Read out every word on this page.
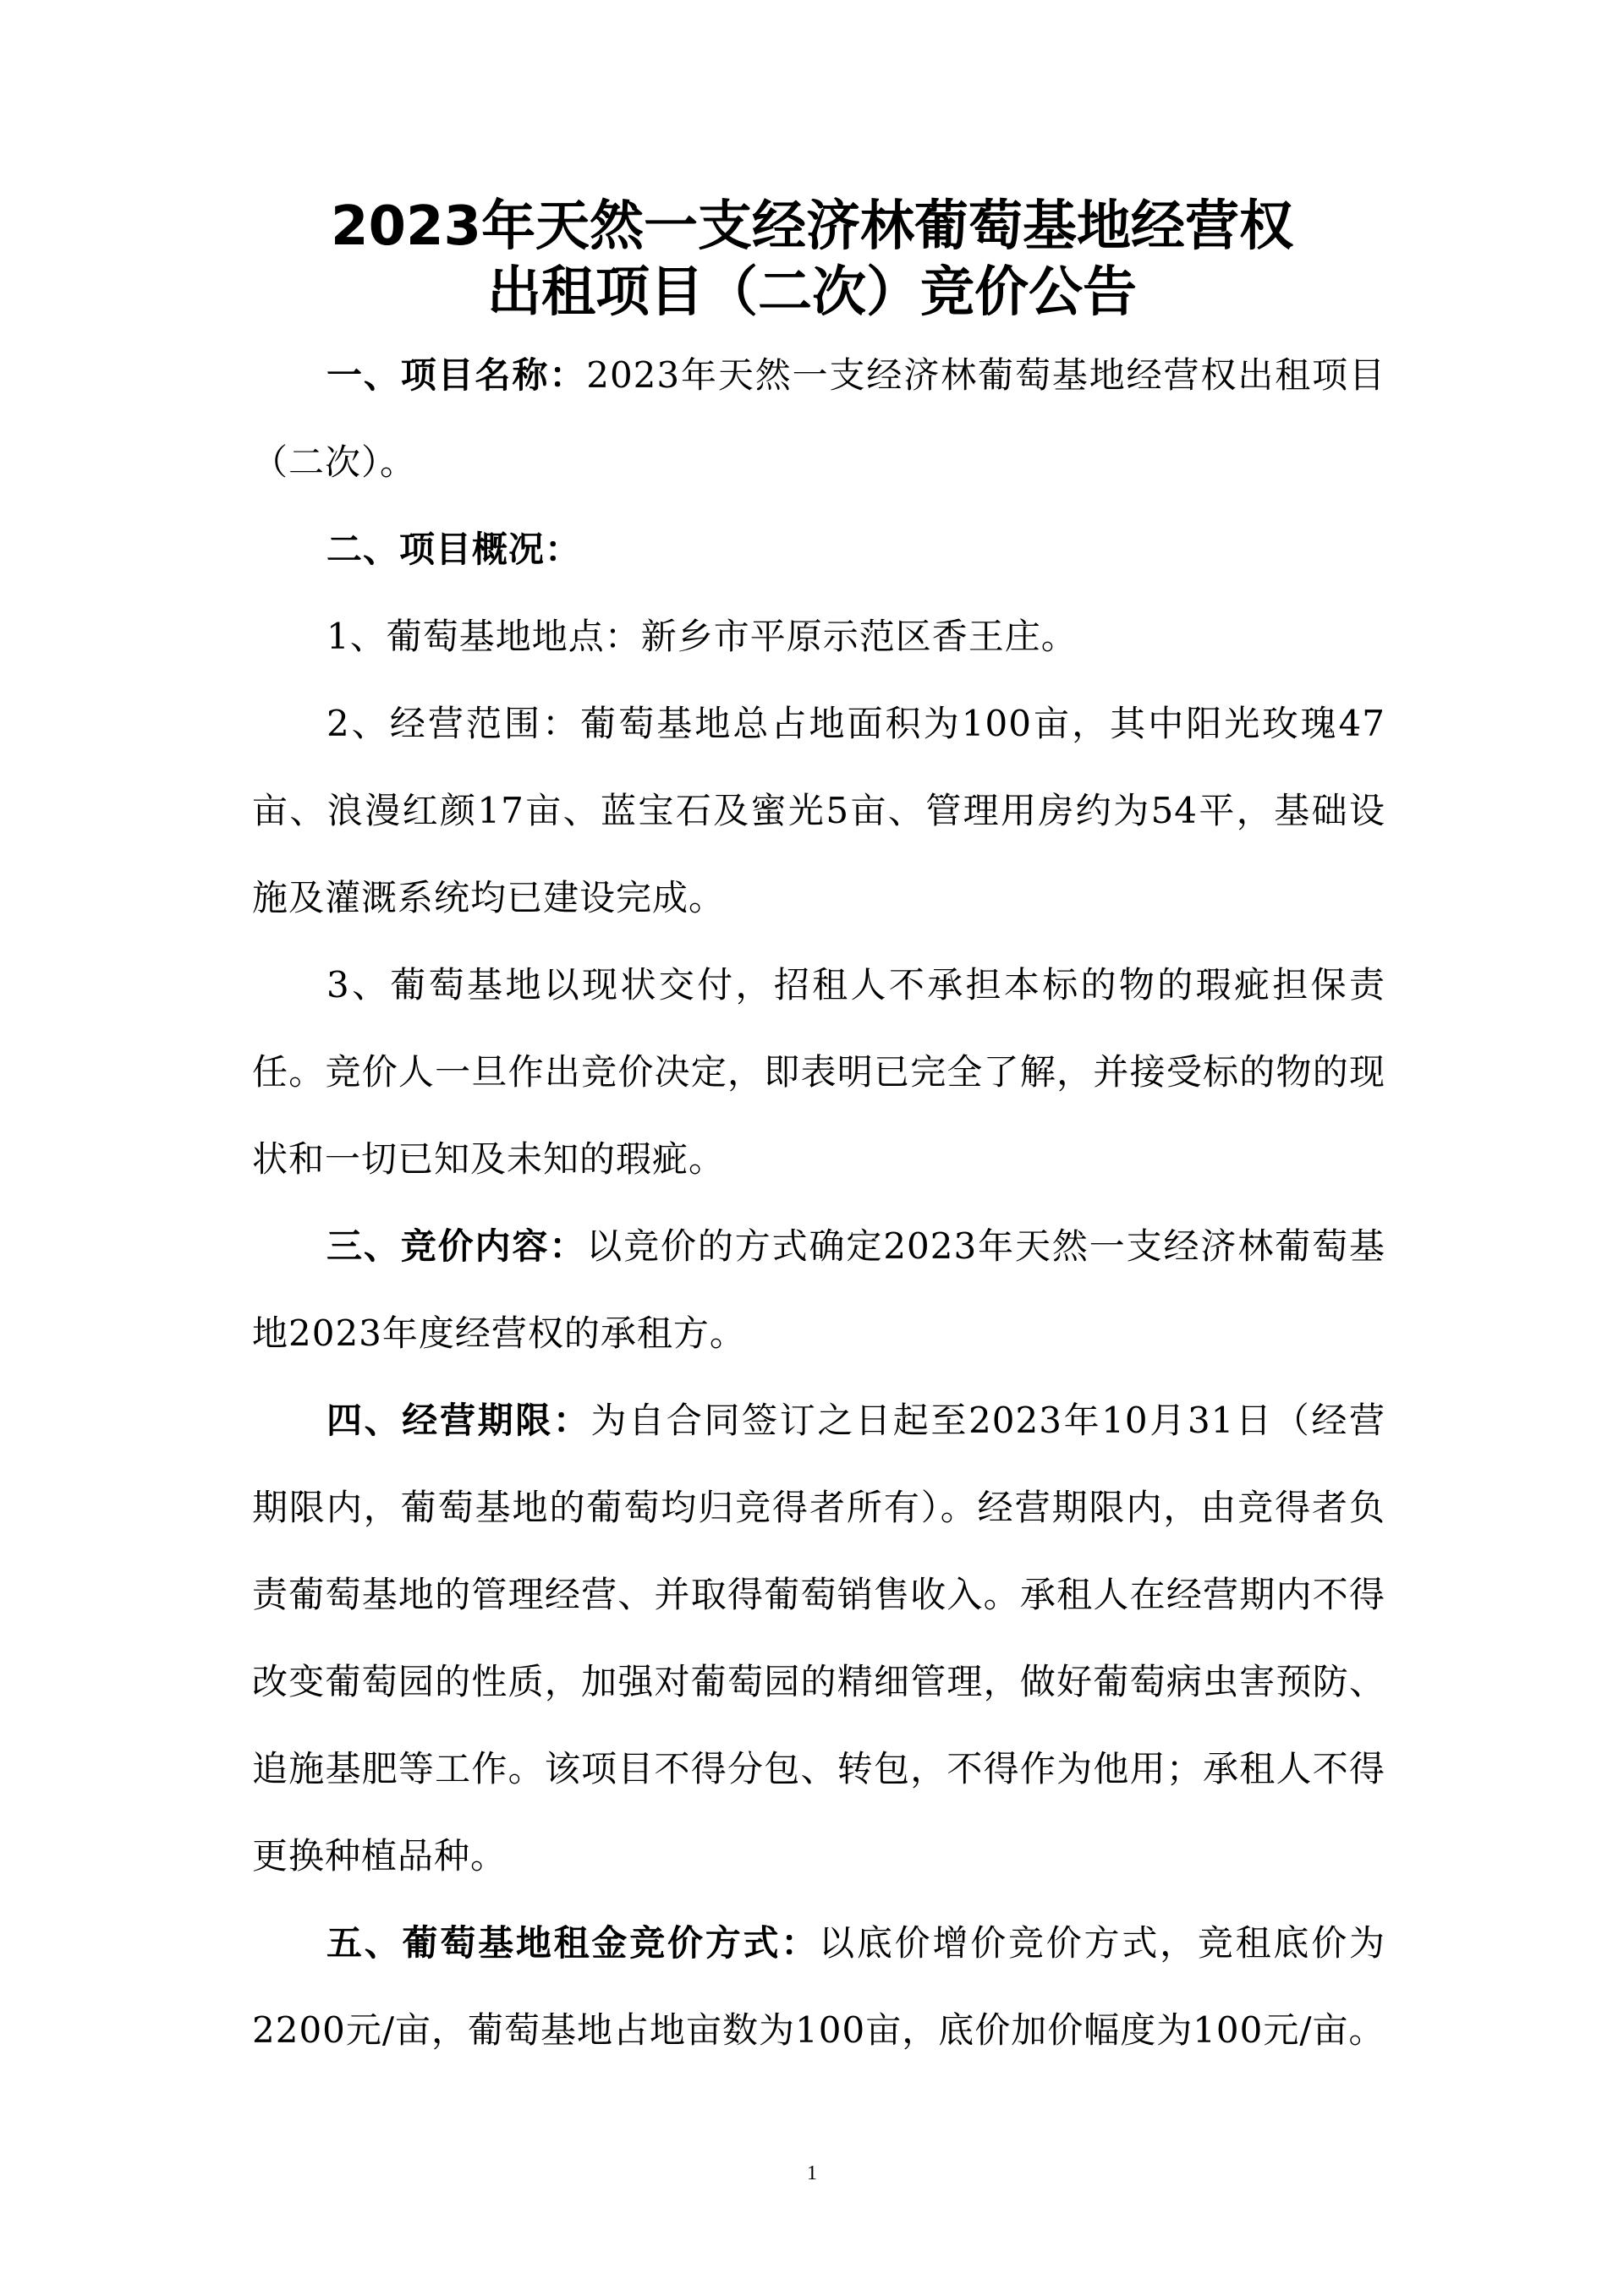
2023年天然一支经济林葡萄基地经营权
出租项目（二次）竞价公告

一、项目名称：2023年天然一支经济林葡萄基地经营权出租项目（二次）。

二、项目概况：

1、葡萄基地地点：新乡市平原示范区香王庄。

2、经营范围：葡萄基地总占地面积为100亩，其中阳光玫瑰47亩、浪漫红颜17亩、蓝宝石及蜜光5亩、管理用房约为54平，基础设施及灌溉系统均已建设完成。

3、葡萄基地以现状交付，招租人不承担本标的物的瑕疵担保责任。竞价人一旦作出竞价决定，即表明已完全了解，并接受标的物的现状和一切已知及未知的瑕疵。

三、竞价内容：以竞价的方式确定2023年天然一支经济林葡萄基地2023年度经营权的承租方。

四、经营期限：为自合同签订之日起至2023年10月31日（经营期限内，葡萄基地的葡萄均归竞得者所有）。经营期限内，由竞得者负责葡萄基地的管理经营、并取得葡萄销售收入。承租人在经营期内不得改变葡萄园的性质，加强对葡萄园的精细管理，做好葡萄病虫害预防、追施基肥等工作。该项目不得分包、转包，不得作为他用；承租人不得更换种植品种。

五、葡萄基地租金竞价方式：以底价增价竞价方式，竞租底价为2200元/亩，葡萄基地占地亩数为100亩，底价加价幅度为100元/亩。

1
